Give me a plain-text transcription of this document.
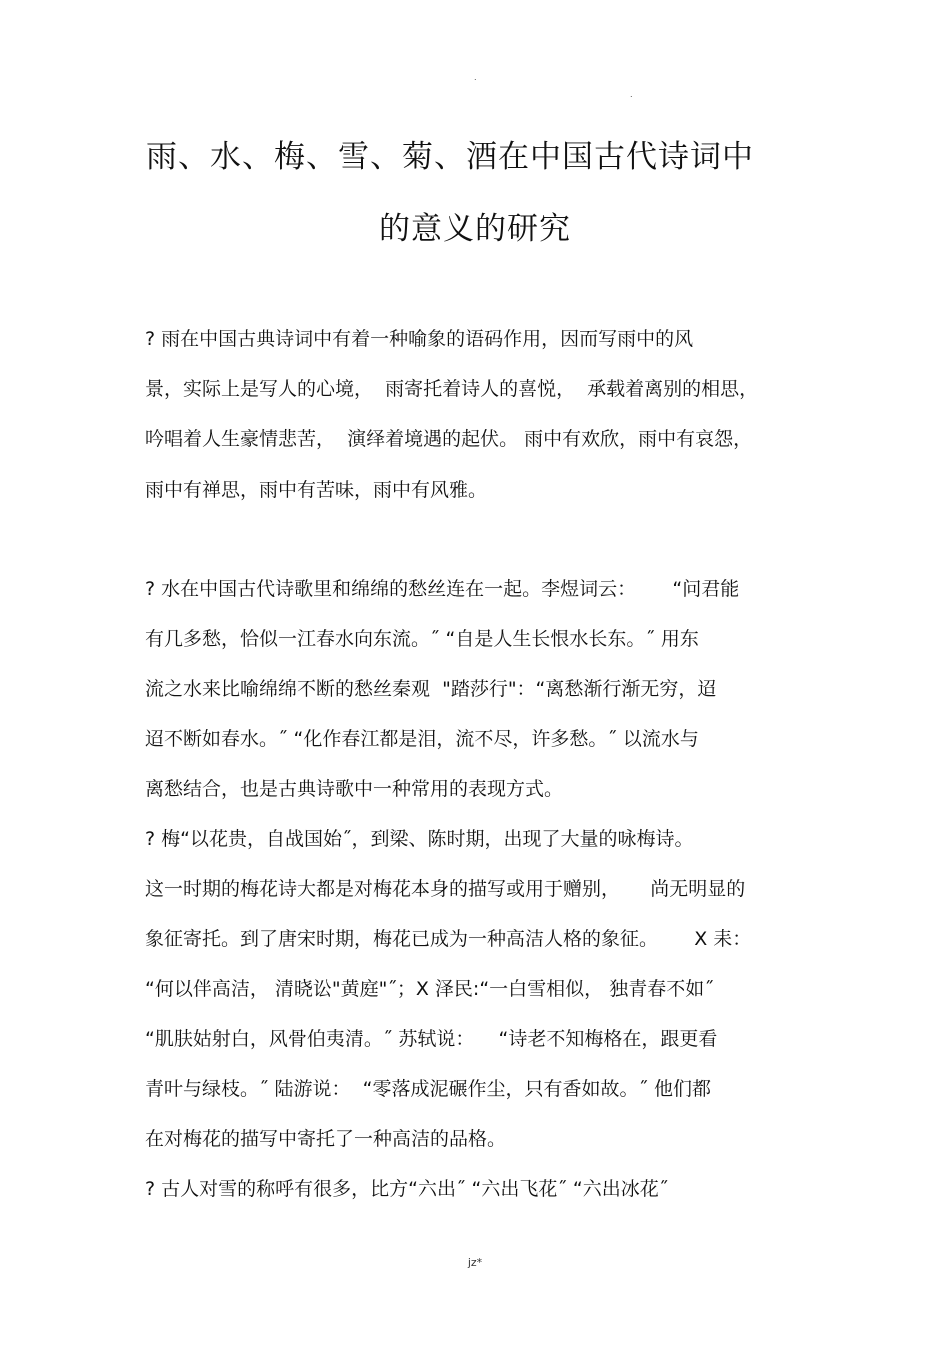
.
.
雨、水、梅、雪、菊、酒在中国古代诗词中
的意义的研究
? 雨在中国古典诗词中有着一种喻象的语码作用，因而写雨中的风
景，实际上是写人的心境，  雨寄托着诗人的喜悦，  承载着离别的相思，
吟唱着人生豪情悲苦，  演绎着境遇的起伏。 雨中有欢欣，雨中有哀怨，
雨中有禅思，雨中有苦味，雨中有风雅。
? 水在中国古代诗歌里和绵绵的愁丝连在一起。李煜词云：      “问君能
有几多愁，恰似一江春水向东流。˝ “自是人生长恨水长东。˝ 用东
流之水来比喻绵绵不断的愁丝秦观  "踏莎行"：“离愁渐行渐无穷，迢
迢不断如春水。˝ “化作春江都是泪，流不尽，许多愁。˝ 以流水与
离愁结合，也是古典诗歌中一种常用的表现方式。
? 梅“以花贵，自战国始˝，到梁、陈时期，出现了大量的咏梅诗。
这一时期的梅花诗大都是对梅花本身的描写或用于赠别，     尚无明显的
象征寄托。到了唐宋时期，梅花已成为一种高洁人格的象征。      X 耒：
“何以伴高洁， 清晓讼"黄庭"˝；X 泽民:“一白雪相似， 独青春不如˝
“肌肤姑射白，风骨伯夷清。˝ 苏轼说：    “诗老不知梅格在，跟更看
青叶与绿枝。˝ 陆游说：  “零落成泥碾作尘，只有香如故。˝ 他们都
在对梅花的描写中寄托了一种高洁的品格。
? 古人对雪的称呼有很多，比方“六出˝ “六出飞花˝ “六出冰花˝
jz*
